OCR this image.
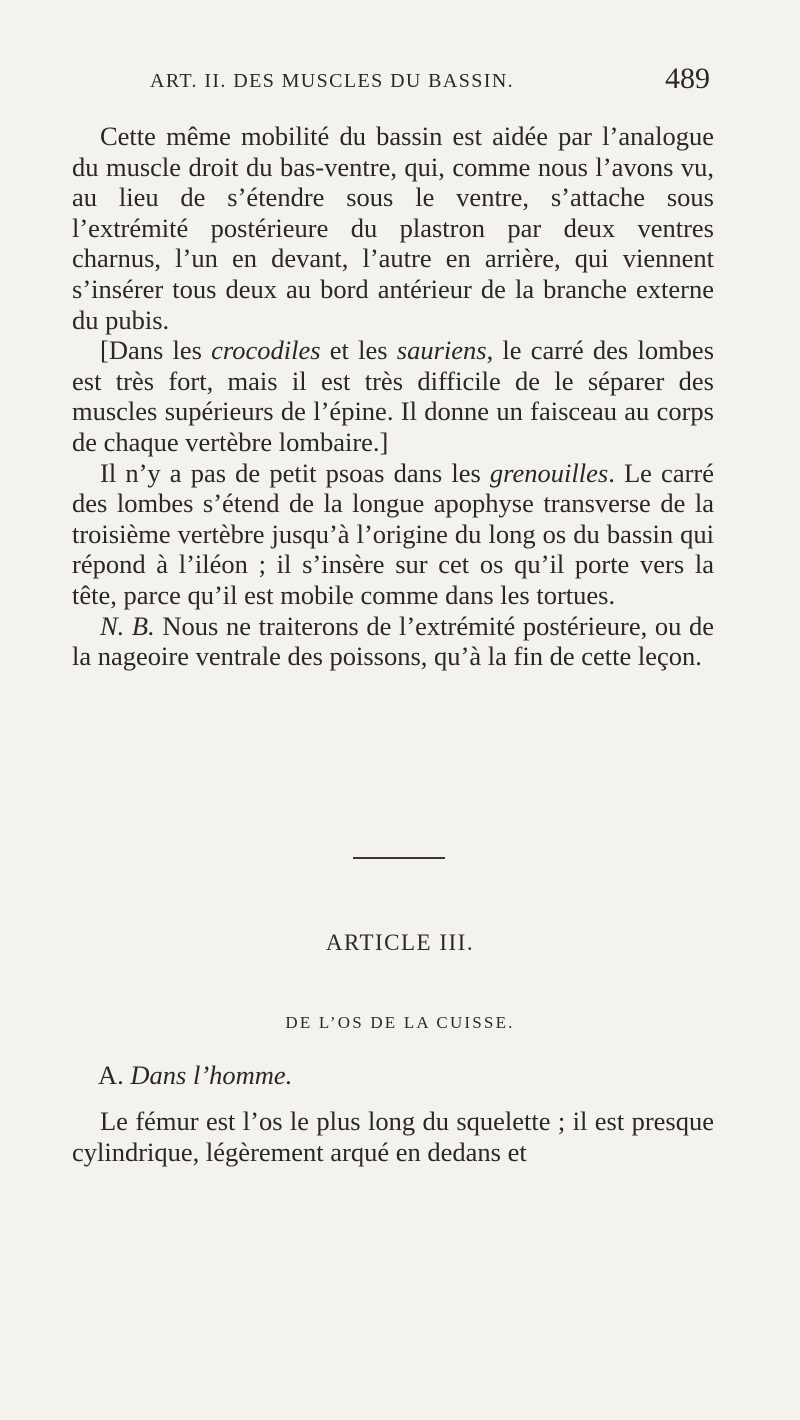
ART. II. DES MUSCLES DU BASSIN.	489

Cette même mobilité du bassin est aidée par l’analogue du muscle droit du bas-ventre, qui, comme nous l’avons vu, au lieu de s’étendre sous le ventre, s’attache sous l’extrémité postérieure du plastron par deux ventres charnus, l’un en devant, l’autre en arrière, qui viennent s’insérer tous deux au bord antérieur de la branche externe du pubis.

[Dans les crocodiles et les sauriens, le carré des lombes est très fort, mais il est très difficile de le séparer des muscles supérieurs de l’épine. Il donne un faisceau au corps de chaque vertèbre lombaire.]

Il n’y a pas de petit psoas dans les grenouilles. Le carré des lombes s’étend de la longue apophyse transverse de la troisième vertèbre jusqu’à l’origine du long os du bassin qui répond à l’iléon ; il s’insère sur cet os qu’il porte vers la tête, parce qu’il est mobile comme dans les tortues.

N. B. Nous ne traiterons de l’extrémité postérieure, ou de la nageoire ventrale des poissons, qu’à la fin de cette leçon.

ARTICLE III.
DE L’OS DE LA CUISSE.
A. Dans l’homme.

Le fémur est l’os le plus long du squelette ; il est presque cylindrique, légèrement arqué en dedans et
